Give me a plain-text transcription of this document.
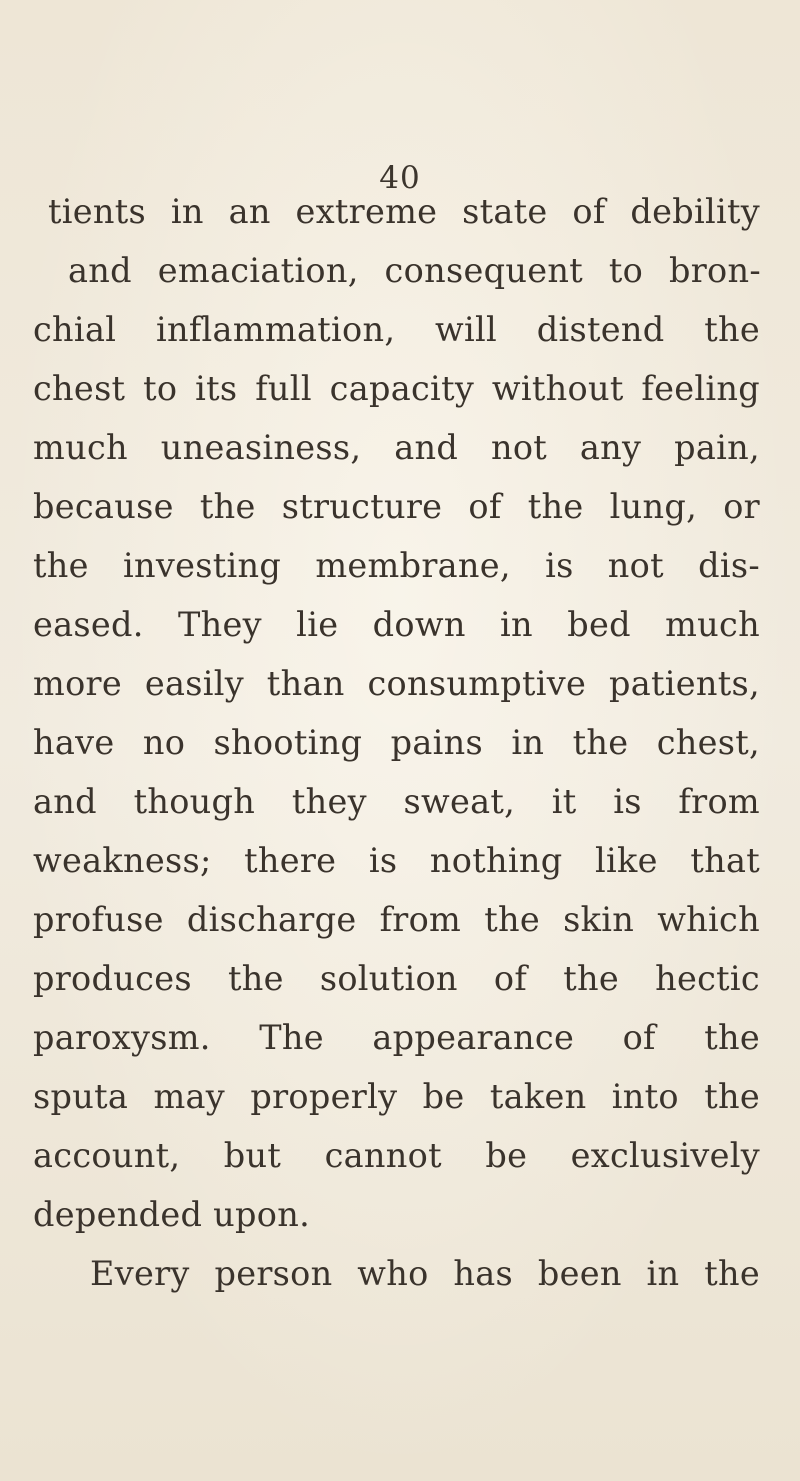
40
tients in an extreme state of debility
and emaciation, consequent to bron-
chial inflammation, will distend the
chest to its full capacity without feeling
much uneasiness, and not any pain,
because the structure of the lung, or
the investing membrane, is not dis-
eased. They lie down in bed much
more easily than consumptive patients,
have no shooting pains in the chest,
and though they sweat, it is from
weakness; there is nothing like that
profuse discharge from the skin which
produces the solution of the hectic
paroxysm. The appearance of the
sputa may properly be taken into the
account, but cannot be exclusively
depended upon.
Every person who has been in the
